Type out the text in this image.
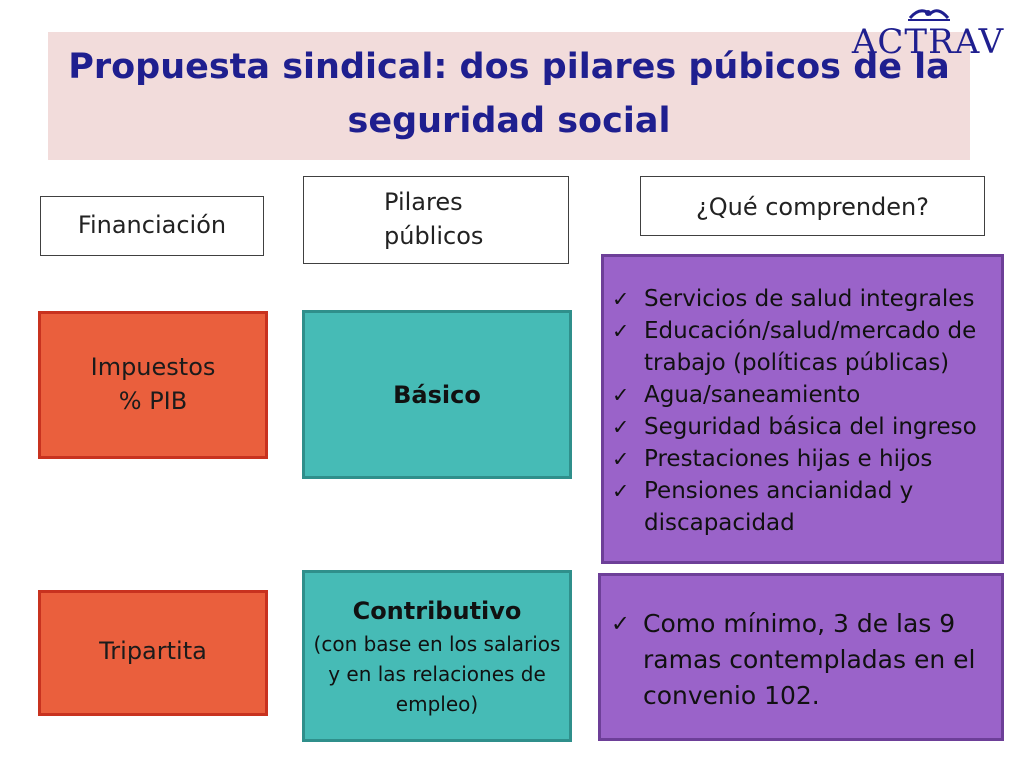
Propuesta sindical: dos pilares púbicos de la seguridad social
ACTRAV
Financiación
Pilares
públicos
¿Qué comprenden?
Impuestos
% PIB
Tripartita
Básico
Contributivo
(con base en los salarios
y en las relaciones de
empleo)
✓ Servicios de salud integrales
✓ Educación/salud/mercado de trabajo (políticas públicas)
✓ Agua/saneamiento
✓ Seguridad básica del ingreso
✓ Prestaciones hijas e hijos
✓ Pensiones ancianidad y discapacidad
✓ Como mínimo, 3 de las 9 ramas contempladas en el convenio 102.
